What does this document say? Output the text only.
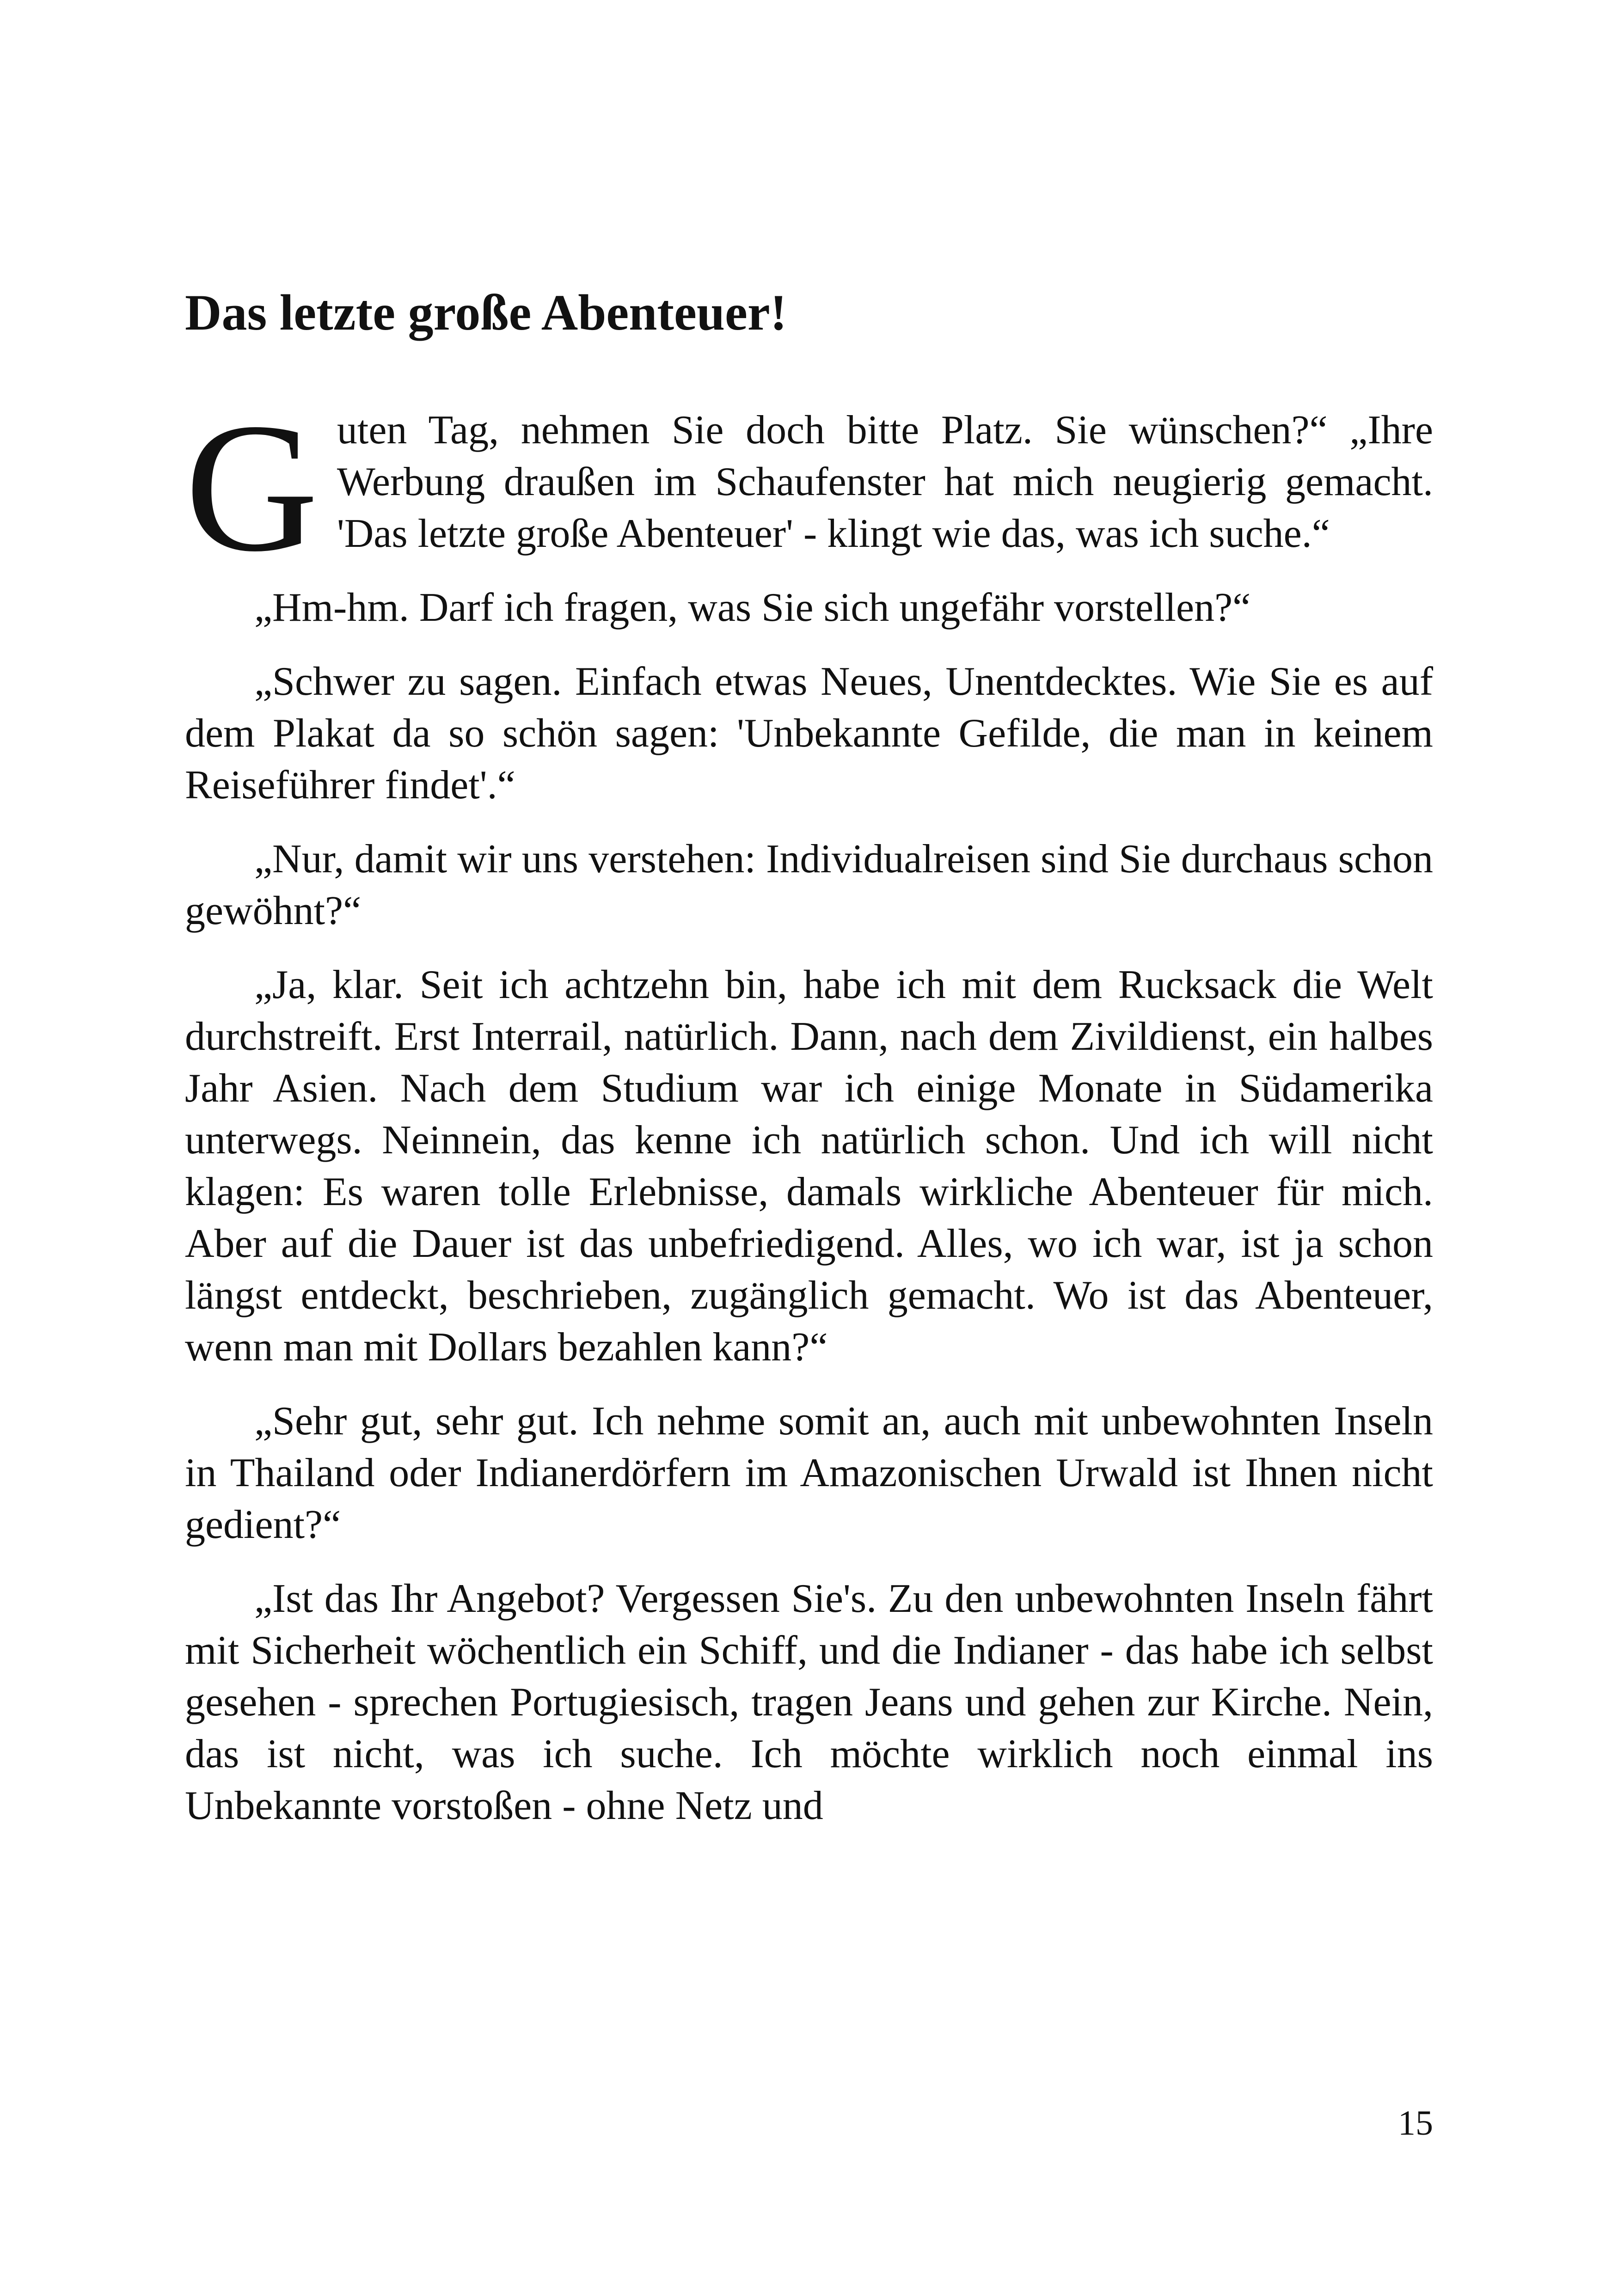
Das letzte große Abenteuer!

Guten Tag, nehmen Sie doch bitte Platz. Sie wünschen?“ „Ihre Werbung draußen im Schaufenster hat mich neugierig gemacht. 'Das letzte große Abenteuer' - klingt wie das, was ich suche.“

„Hm-hm. Darf ich fragen, was Sie sich ungefähr vorstellen?“

„Schwer zu sagen. Einfach etwas Neues, Unentdecktes. Wie Sie es auf dem Plakat da so schön sagen: 'Unbekannte Gefilde, die man in keinem Reiseführer findet'.“

„Nur, damit wir uns verstehen: Individualreisen sind Sie durchaus schon gewöhnt?“

„Ja, klar. Seit ich achtzehn bin, habe ich mit dem Rucksack die Welt durchstreift. Erst Interrail, natürlich. Dann, nach dem Zivildienst, ein halbes Jahr Asien. Nach dem Studium war ich einige Monate in Südamerika unterwegs. Neinnein, das kenne ich natürlich schon. Und ich will nicht klagen: Es waren tolle Erlebnisse, damals wirkliche Abenteuer für mich. Aber auf die Dauer ist das unbefriedigend. Alles, wo ich war, ist ja schon längst entdeckt, beschrieben, zugänglich gemacht. Wo ist das Abenteuer, wenn man mit Dollars bezahlen kann?“

„Sehr gut, sehr gut. Ich nehme somit an, auch mit unbewohnten Inseln in Thailand oder Indianerdörfern im Amazonischen Urwald ist Ihnen nicht gedient?“

„Ist das Ihr Angebot? Vergessen Sie's. Zu den unbewohnten Inseln fährt mit Sicherheit wöchentlich ein Schiff, und die Indianer - das habe ich selbst gesehen - sprechen Portugiesisch, tragen Jeans und gehen zur Kirche. Nein, das ist nicht, was ich suche. Ich möchte wirklich noch einmal ins Unbekannte vorstoßen - ohne Netz und

15
